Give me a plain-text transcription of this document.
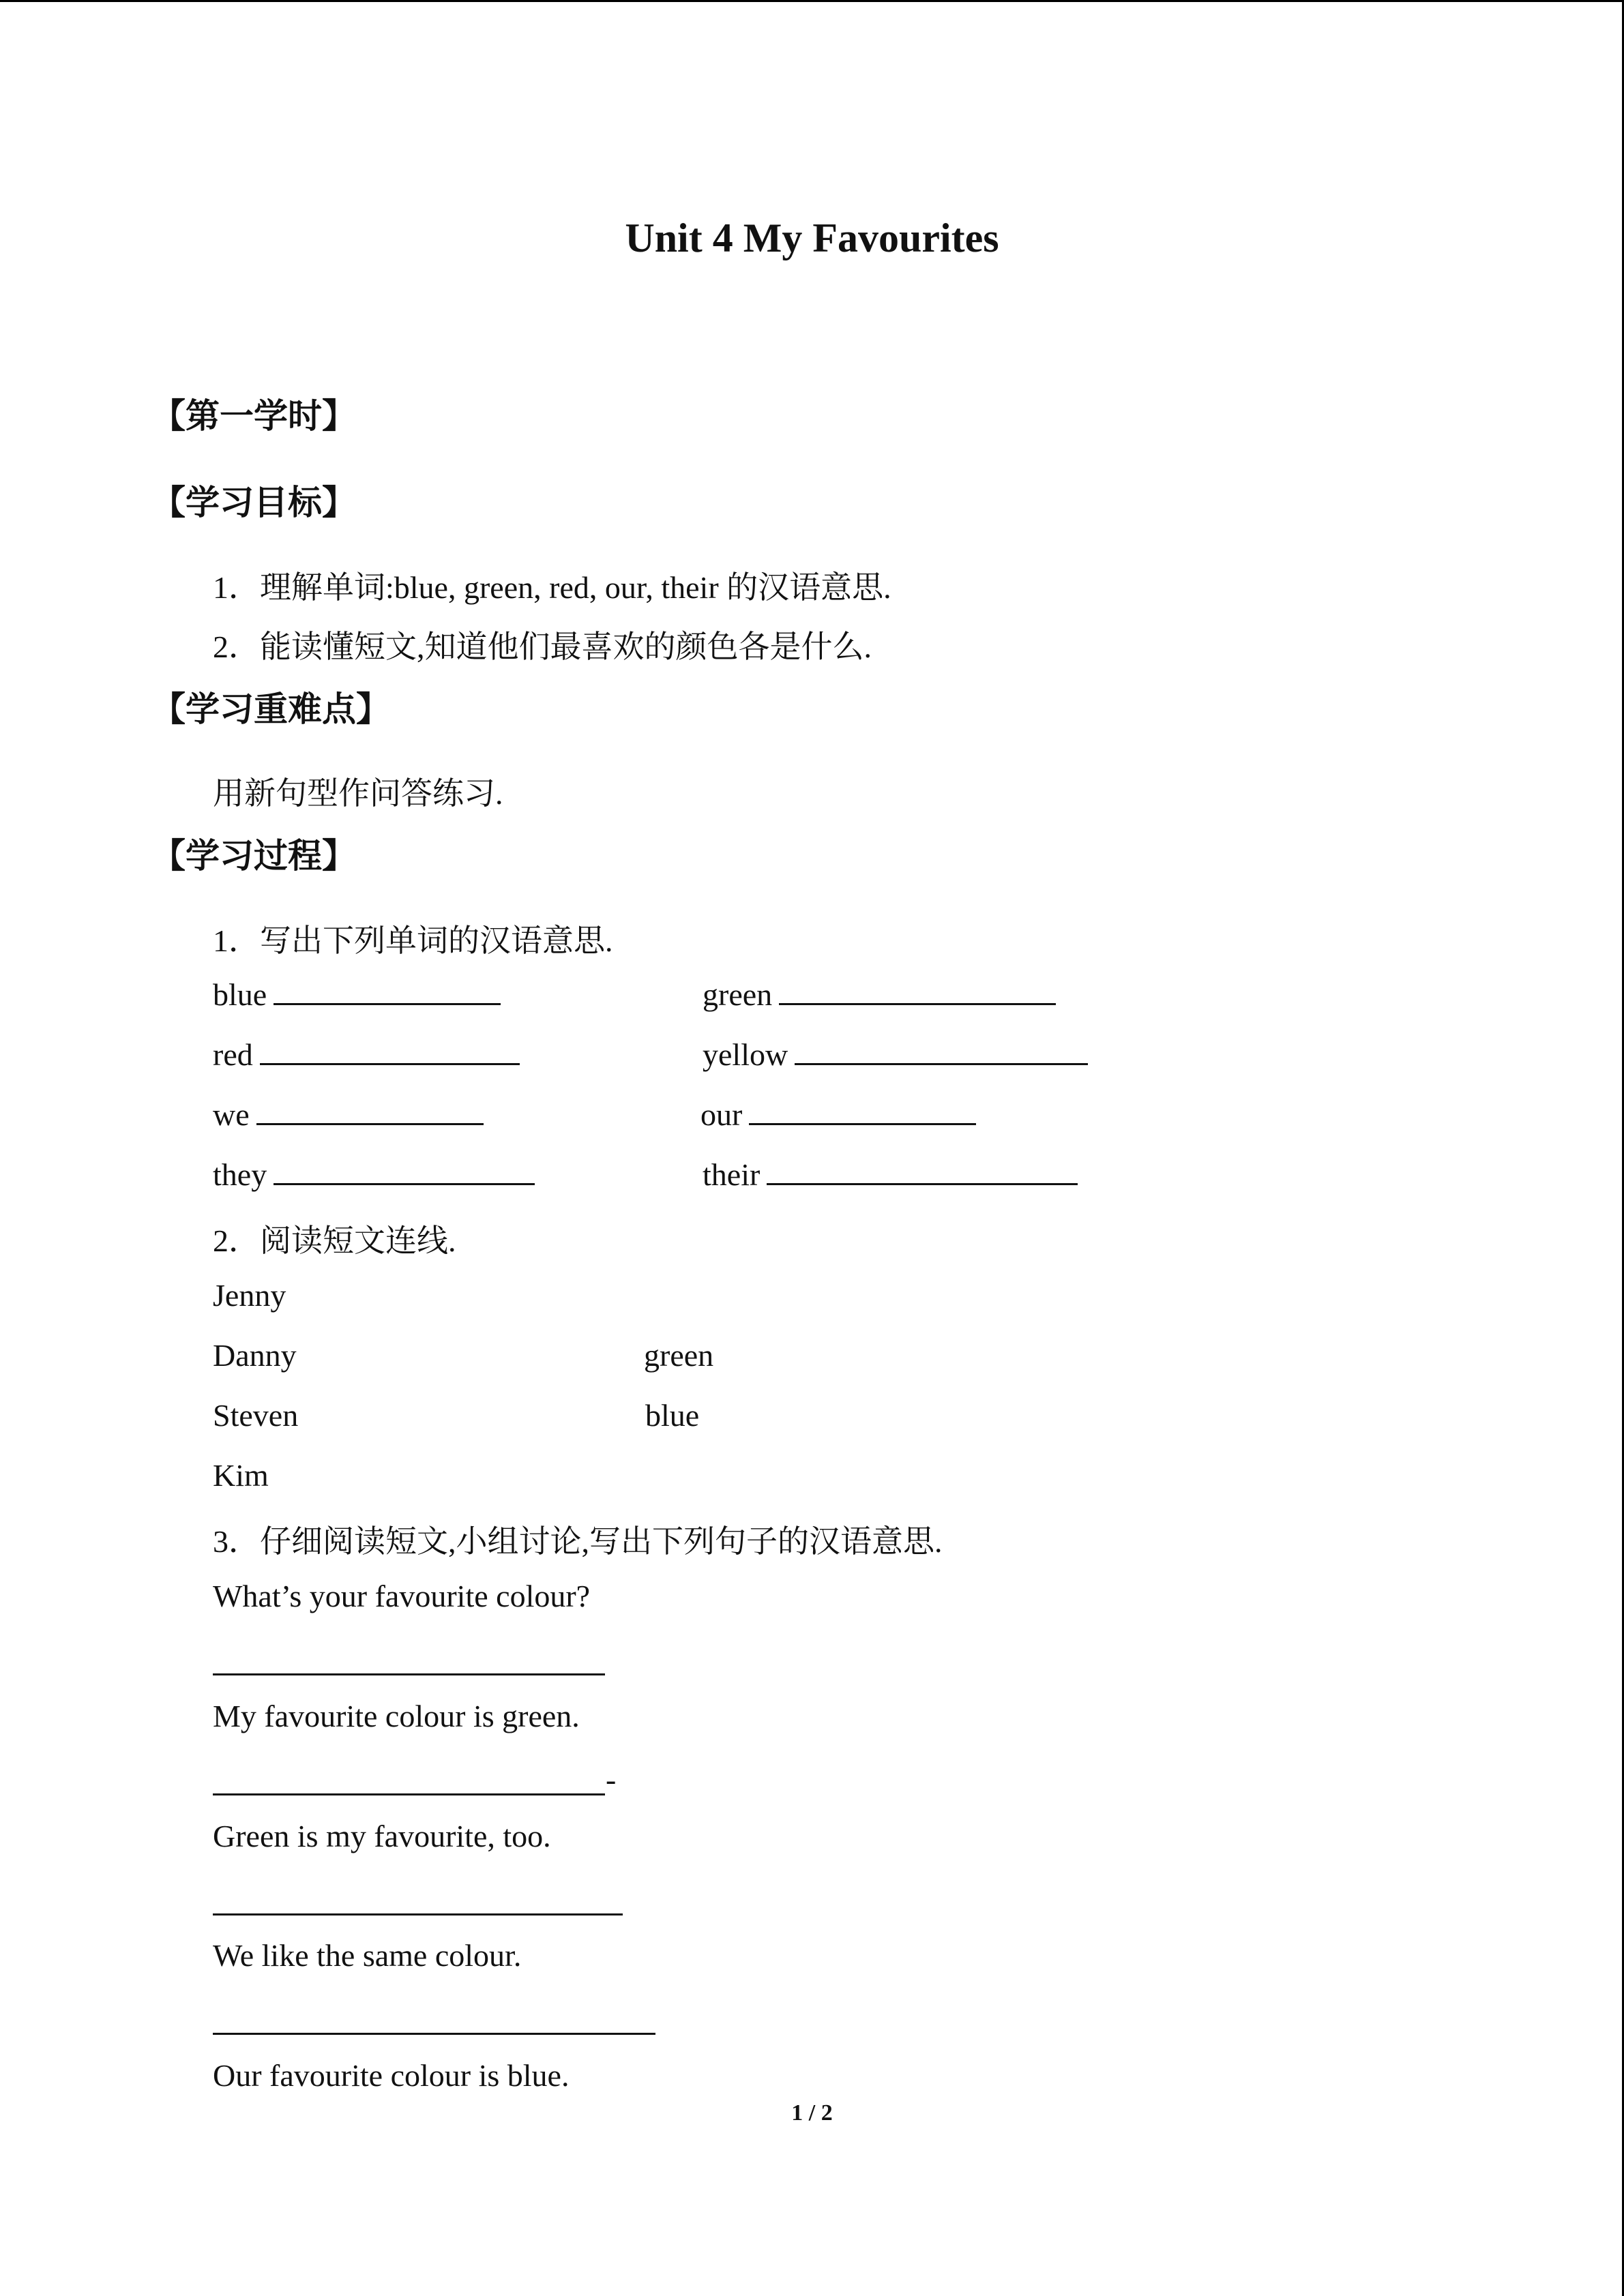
Unit 4 My Favourites
【第一学时】
【学习目标】
1．理解单词:blue, green, red, our, their 的汉语意思.
2．能读懂短文,知道他们最喜欢的颜色各是什么.
【学习重难点】
用新句型作问答练习.
【学习过程】
1．写出下列单词的汉语意思.
blue	green
red	yellow
we	our
they	their
2．阅读短文连线.
Jenny
Danny	green
Steven	blue
Kim
3．仔细阅读短文,小组讨论,写出下列句子的汉语意思.
What’s your favourite colour?
My favourite colour is green.
-
Green is my favourite, too.
We like the same colour.
Our favourite colour is blue.
1 / 2
